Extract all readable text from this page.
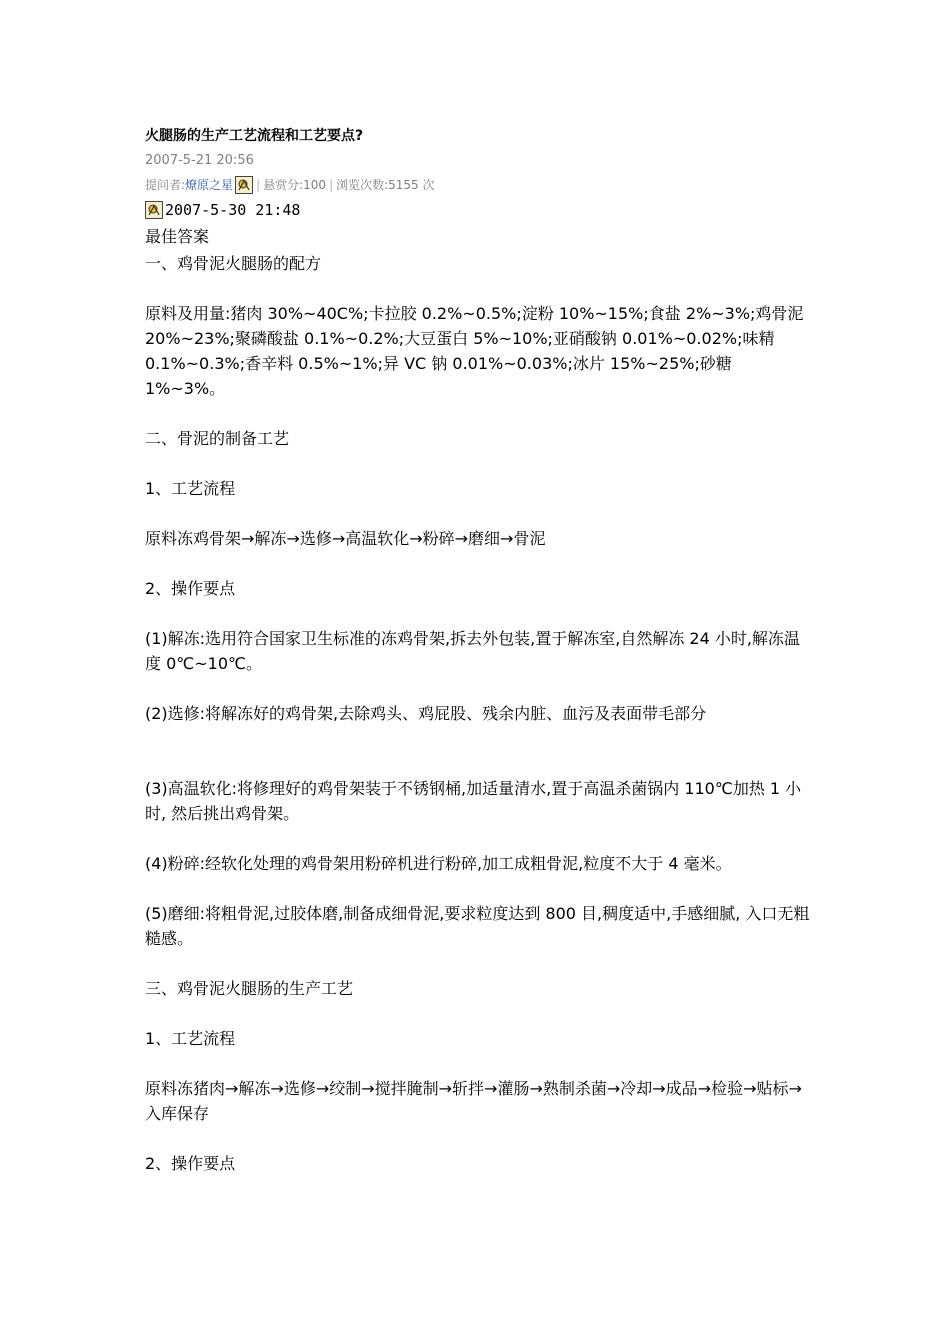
火腿肠的生产工艺流程和工艺要点?
2007-5-21 20:56
提问者: 燎原之星 | 悬赏分: 100 | 浏览次数: 5155 次
2007-5-30 21:48
最佳答案

一、鸡骨泥火腿肠的配方

原料及用量:猪肉 30%~40C%;卡拉胶 0.2%~0.5%;淀粉 10%~15%;食盐 2%~3%;鸡骨泥 20%~23%;聚磷酸盐 0.1%~0.2%;大豆蛋白 5%~10%;亚硝酸钠 0.01%~0.02%;味精 0.1%~0.3%;香辛料 0.5%~1%;异 VC 钠 0.01%~0.03%;冰片 15%~25%;砂糖 1%~3%。

二、骨泥的制备工艺

1、工艺流程

原料冻鸡骨架→解冻→选修→高温软化→粉碎→磨细→骨泥

2、操作要点

(1)解冻:选用符合国家卫生标准的冻鸡骨架,拆去外包装,置于解冻室,自然解冻 24 小时,解冻温度 0℃~10℃。

(2)选修:将解冻好的鸡骨架,去除鸡头、鸡屁股、残余内脏、血污及表面带毛部分

(3)高温软化:将修理好的鸡骨架装于不锈钢桶,加适量清水,置于高温杀菌锅内 110℃加热 1 小时, 然后挑出鸡骨架。

(4)粉碎:经软化处理的鸡骨架用粉碎机进行粉碎,加工成粗骨泥,粒度不大于 4 毫米。

(5)磨细:将粗骨泥,过胶体磨,制备成细骨泥,要求粒度达到 800 目,稠度适中,手感细腻, 入口无粗糙感。

三、鸡骨泥火腿肠的生产工艺

1、工艺流程

原料冻猪肉→解冻→选修→绞制→搅拌腌制→斩拌→灌肠→熟制杀菌→冷却→成品→检验→贴标→入库保存

2、操作要点
